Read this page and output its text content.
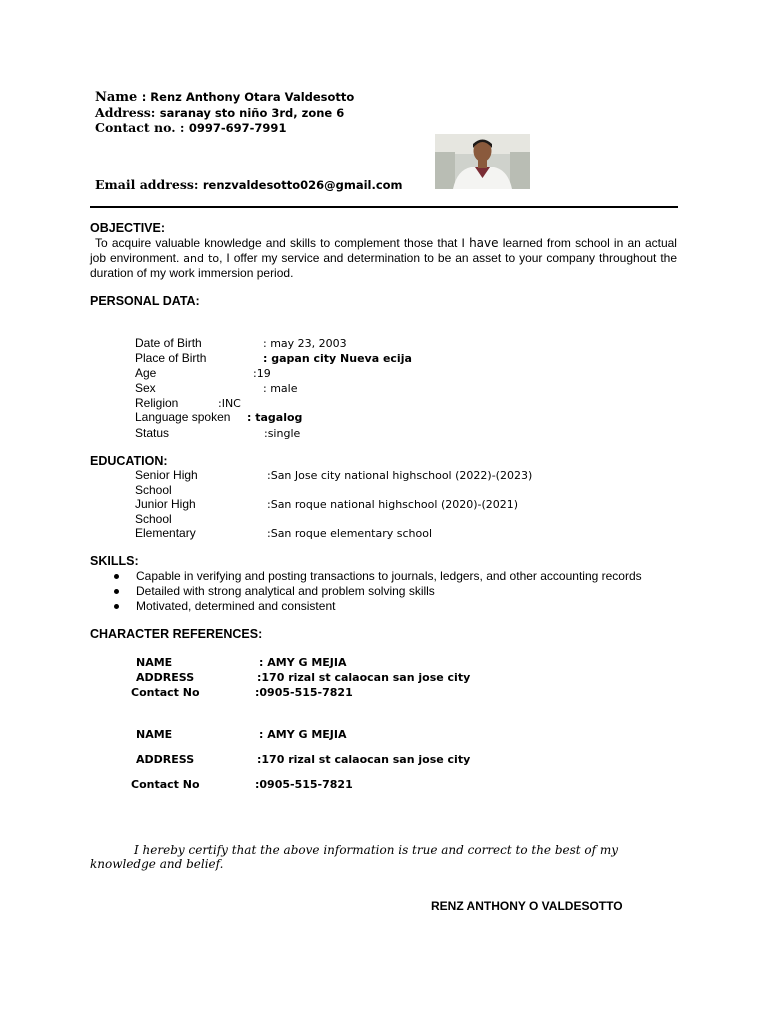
Name : Renz Anthony Otara Valdesotto
Address: saranay sto niño 3rd, zone 6
Contact no. : 0997-697-7991
Email address: renzvaldesotto026@gmail.com
OBJECTIVE:
To acquire valuable knowledge and skills to complement those that I have learned from school in an actual job environment. and to, I offer my service and determination to be an asset to your company throughout the duration of my work immersion period.
PERSONAL DATA:
Date of Birth	: may 23, 2003
Place of Birth	: gapan city Nueva ecija
Age	:19
Sex	: male
Religion	:INC
Language spoken : tagalog
Status	:single
EDUCATION:
Senior High
School
:San Jose city national highschool (2022)-(2023)
Junior High
School
:San roque national highschool (2020)-(2021)
Elementary	:San roque elementary school
SKILLS:
Capable in verifying and posting transactions to journals, ledgers, and other accounting records
Detailed with strong analytical and problem solving skills
Motivated, determined and consistent
CHARACTER REFERENCES:
NAME	: AMY G MEJIA
ADDRESS	:170 rizal st calaocan san jose city
Contact No	:0905-515-7821
NAME	: AMY G MEJIA
ADDRESS	:170 rizal st calaocan san jose city
Contact No	:0905-515-7821
I hereby certify that the above information is true and correct to the best of my knowledge and belief.
RENZ ANTHONY O VALDESOTTO
